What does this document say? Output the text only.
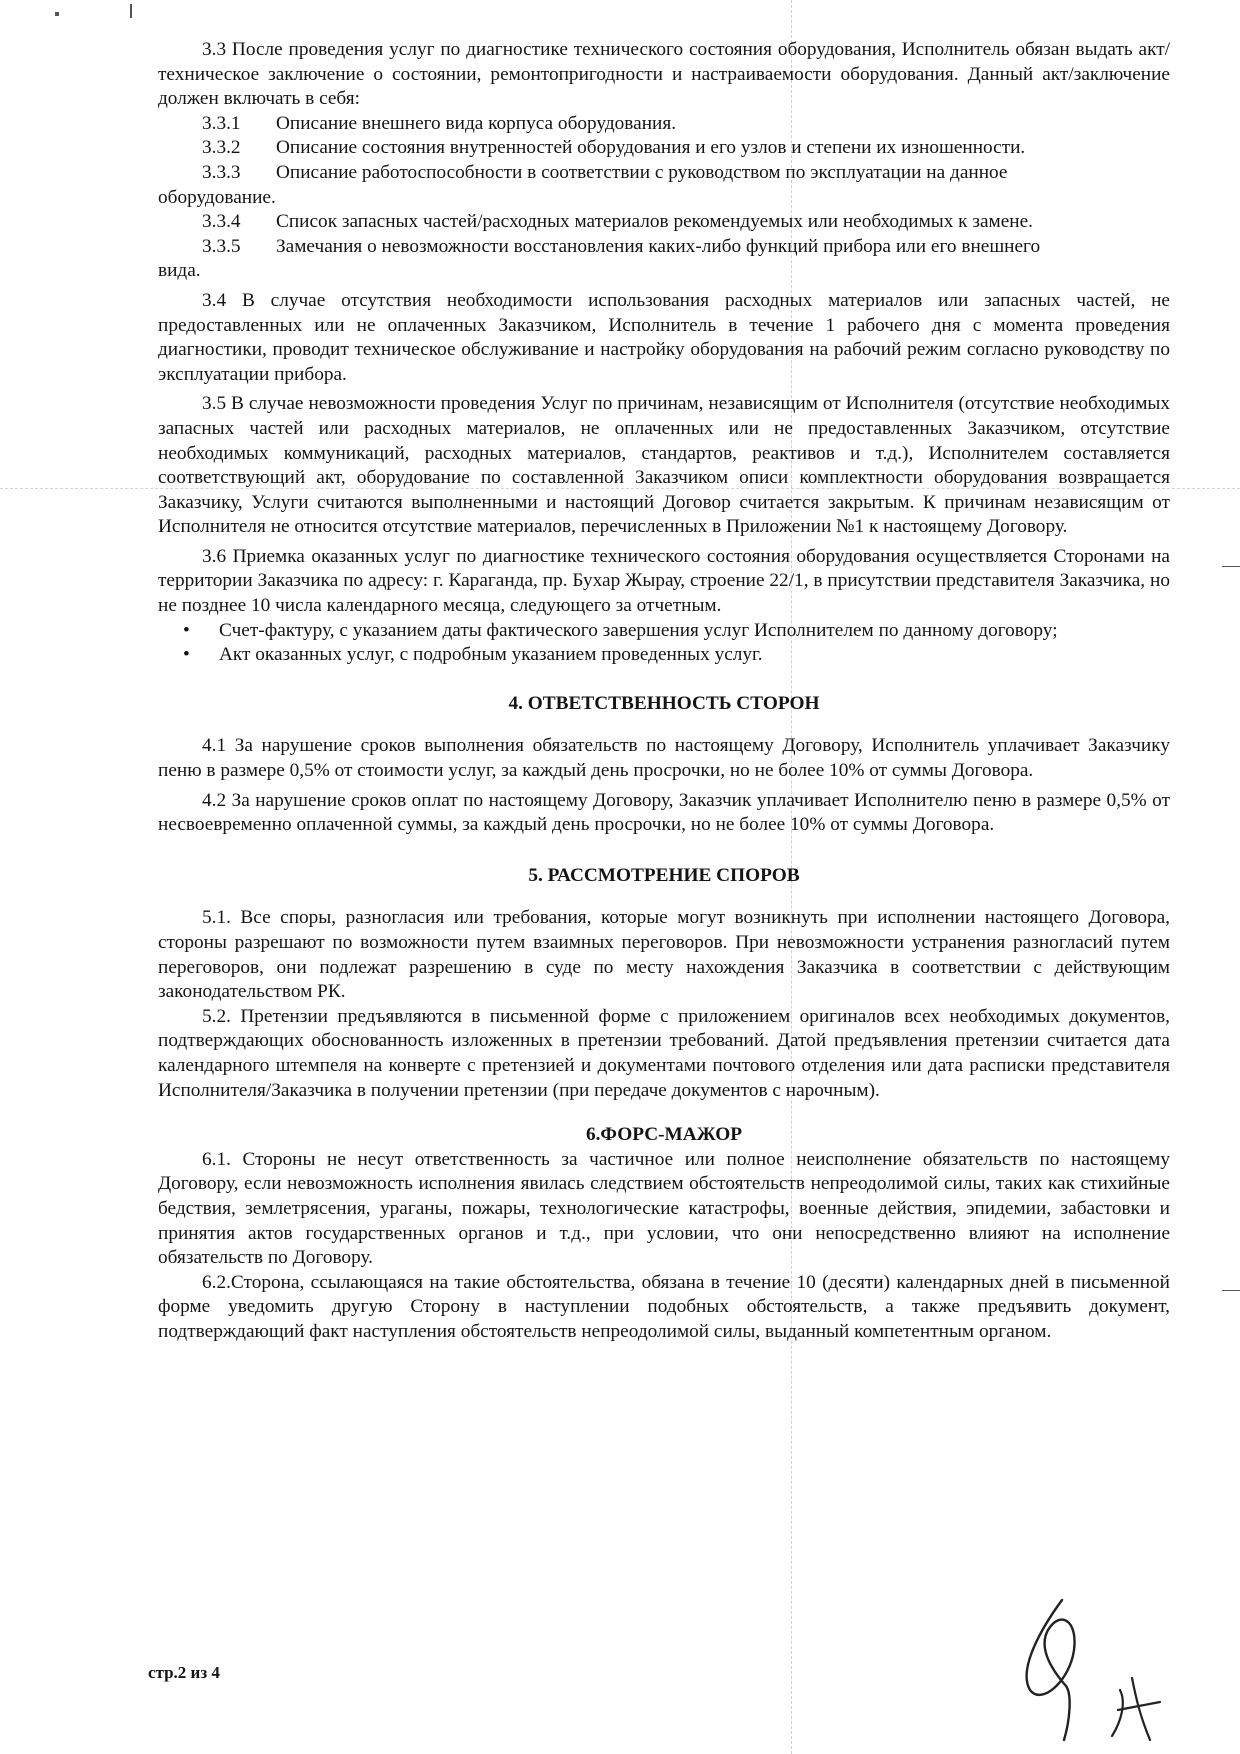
3.3 После проведения услуг по диагностике технического состояния оборудования, Исполнитель обязан выдать акт/техническое заключение о состоянии, ремонтопригодности и настраиваемости оборудования. Данный акт/заключение должен включать в себя:

3.3.1 Описание внешнего вида корпуса оборудования.

3.3.2 Описание состояния внутренностей оборудования и его узлов и степени их изношенности.

3.3.3 Описание работоспособности в соответствии с руководством по эксплуатации на данное

оборудование.

3.3.4 Список запасных частей/расходных материалов рекомендуемых или необходимых к замене.

3.3.5 Замечания о невозможности восстановления каких-либо функций прибора или его внешнего

вида.

3.4 В случае отсутствия необходимости использования расходных материалов или запасных частей, не предоставленных или не оплаченных Заказчиком, Исполнитель в течение 1 рабочего дня с момента проведения диагностики, проводит техническое обслуживание и настройку оборудования на рабочий режим согласно руководству по эксплуатации прибора.

3.5 В случае невозможности проведения Услуг по причинам, независящим от Исполнителя (отсутствие необходимых запасных частей или расходных материалов, не оплаченных или не предоставленных Заказчиком, отсутствие необходимых коммуникаций, расходных материалов, стандартов, реактивов и т.д.), Исполнителем составляется соответствующий акт, оборудование по составленной Заказчиком описи комплектности оборудования возвращается Заказчику, Услуги считаются выполненными и настоящий Договор считается закрытым. К причинам независящим от Исполнителя не относится отсутствие материалов, перечисленных в Приложении №1 к настоящему Договору.

3.6 Приемка оказанных услуг по диагностике технического состояния оборудования осуществляется Сторонами на территории Заказчика по адресу: г. Караганда, пр. Бухар Жырау, строение 22/1, в присутствии представителя Заказчика, но не позднее 10 числа календарного месяца, следующего за отчетным.

• Счет-фактуру, с указанием даты фактического завершения услуг Исполнителем по данному договору;

• Акт оказанных услуг, с подробным указанием проведенных услуг.

4. ОТВЕТСТВЕННОСТЬ СТОРОН

4.1 За нарушение сроков выполнения обязательств по настоящему Договору, Исполнитель уплачивает Заказчику пеню в размере 0,5% от стоимости услуг, за каждый день просрочки, но не более 10% от суммы Договора.

4.2 За нарушение сроков оплат по настоящему Договору, Заказчик уплачивает Исполнителю пеню в размере 0,5% от несвоевременно оплаченной суммы, за каждый день просрочки, но не более 10% от суммы Договора.

5. РАССМОТРЕНИЕ СПОРОВ

5.1. Все споры, разногласия или требования, которые могут возникнуть при исполнении настоящего Договора, стороны разрешают по возможности путем взаимных переговоров. При невозможности устранения разногласий путем переговоров, они подлежат разрешению в суде по месту нахождения Заказчика в соответствии с действующим законодательством РК.

5.2. Претензии предъявляются в письменной форме с приложением оригиналов всех необходимых документов, подтверждающих обоснованность изложенных в претензии требований. Датой предъявления претензии считается дата календарного штемпеля на конверте с претензией и документами почтового отделения или дата расписки представителя Исполнителя/Заказчика в получении претензии (при передаче документов с нарочным).

6.ФОРС-МАЖОР

6.1. Стороны не несут ответственность за частичное или полное неисполнение обязательств по настоящему Договору, если невозможность исполнения явилась следствием обстоятельств непреодолимой силы, таких как стихийные бедствия, землетрясения, ураганы, пожары, технологические катастрофы, военные действия, эпидемии, забастовки и принятия актов государственных органов и т.д., при условии, что они непосредственно влияют на исполнение обязательств по Договору.

6.2.Сторона, ссылающаяся на такие обстоятельства, обязана в течение 10 (десяти) календарных дней в письменной форме уведомить другую Сторону в наступлении подобных обстоятельств, а также предъявить документ, подтверждающий факт наступления обстоятельств непреодолимой силы, выданный компетентным органом.

стр.2 из 4
